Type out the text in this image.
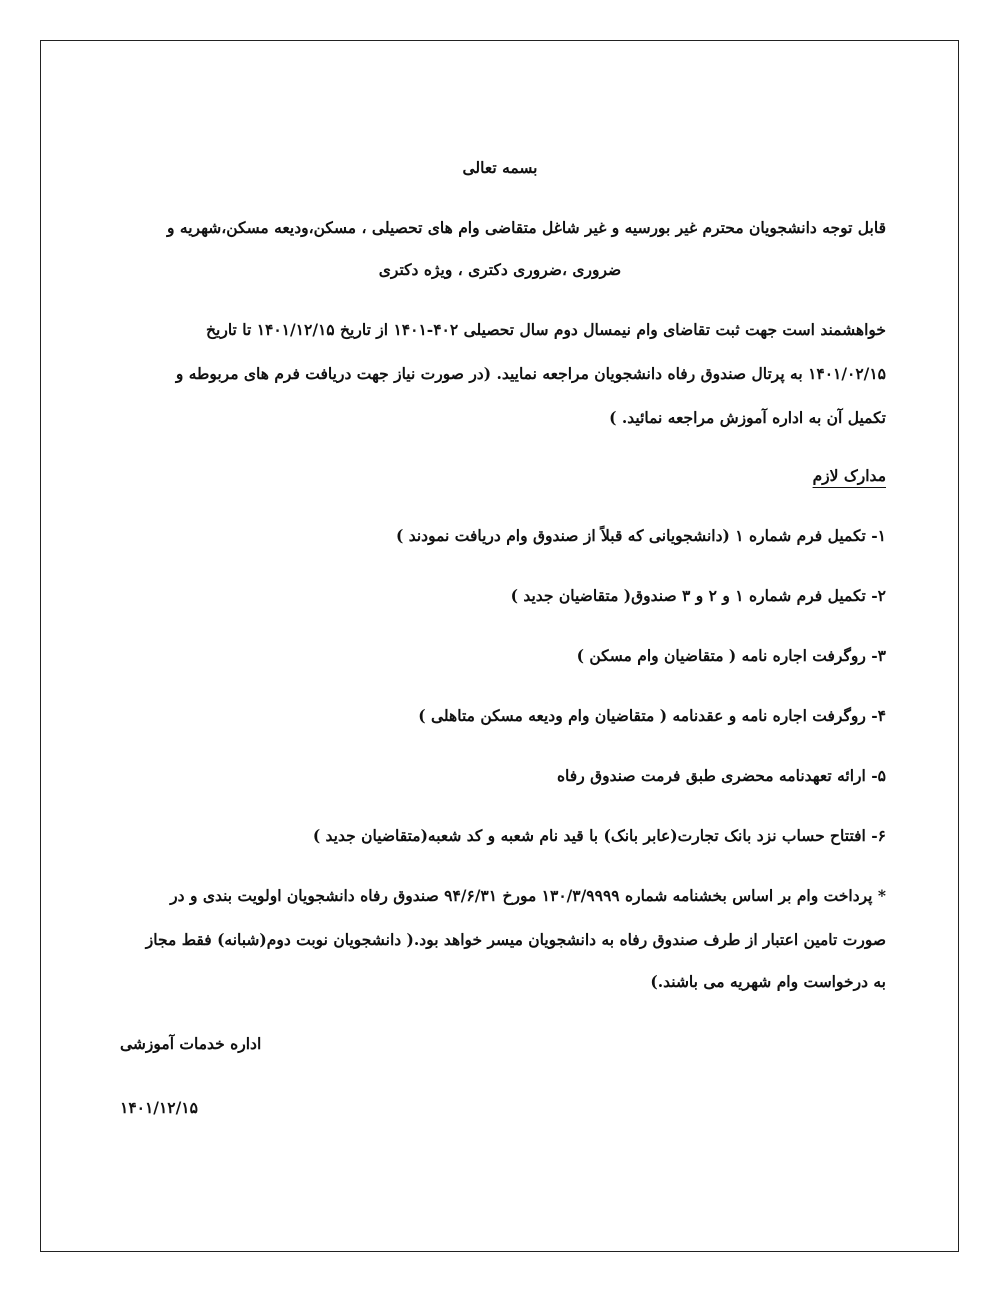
بسمه تعالی
قابل توجه دانشجویان محترم غیر بورسیه و غیر شاغل متقاضی وام های تحصیلی ، مسکن،ودیعه مسکن،شهریه و
ضروری ،ضروری دکتری ، ویژه دکتری
خواهشمند است جهت ثبت تقاضای وام نیمسال دوم سال تحصیلی ۴۰۲-۱۴۰۱ از تاریخ ۱۴۰۱/۱۲/۱۵ تا تاریخ
۱۴۰۱/۰۲/۱۵ به پرتال صندوق رفاه دانشجویان مراجعه نمایید. (در صورت نیاز جهت دریافت فرم های مربوطه و
تکمیل آن به اداره آموزش مراجعه نمائید. )
مدارک لازم
۱- تکمیل فرم شماره ۱ (دانشجویانی که قبلاً از صندوق وام دریافت نمودند )
۲- تکمیل فرم شماره ۱ و ۲ و ۳ صندوق( متقاضیان جدید )
۳- روگرفت اجاره نامه ( متقاضیان وام مسکن )
۴- روگرفت اجاره نامه و عقدنامه ( متقاضیان وام ودیعه مسکن متاهلی )
۵- ارائه تعهدنامه محضری طبق فرمت صندوق رفاه
۶- افتتاح حساب نزد بانک تجارت(عابر بانک) با قید نام شعبه و کد شعبه(متقاضیان جدید )
* پرداخت وام بر اساس بخشنامه شماره ۱۳۰/۳/۹۹۹۹ مورخ ۹۴/۶/۳۱ صندوق رفاه دانشجویان اولویت بندی و در
صورت تامین اعتبار از طرف صندوق رفاه به دانشجویان میسر خواهد بود.( دانشجویان نوبت دوم(شبانه) فقط مجاز
به درخواست وام شهریه می باشند.)
اداره خدمات آموزشی
۱۴۰۱/۱۲/۱۵
